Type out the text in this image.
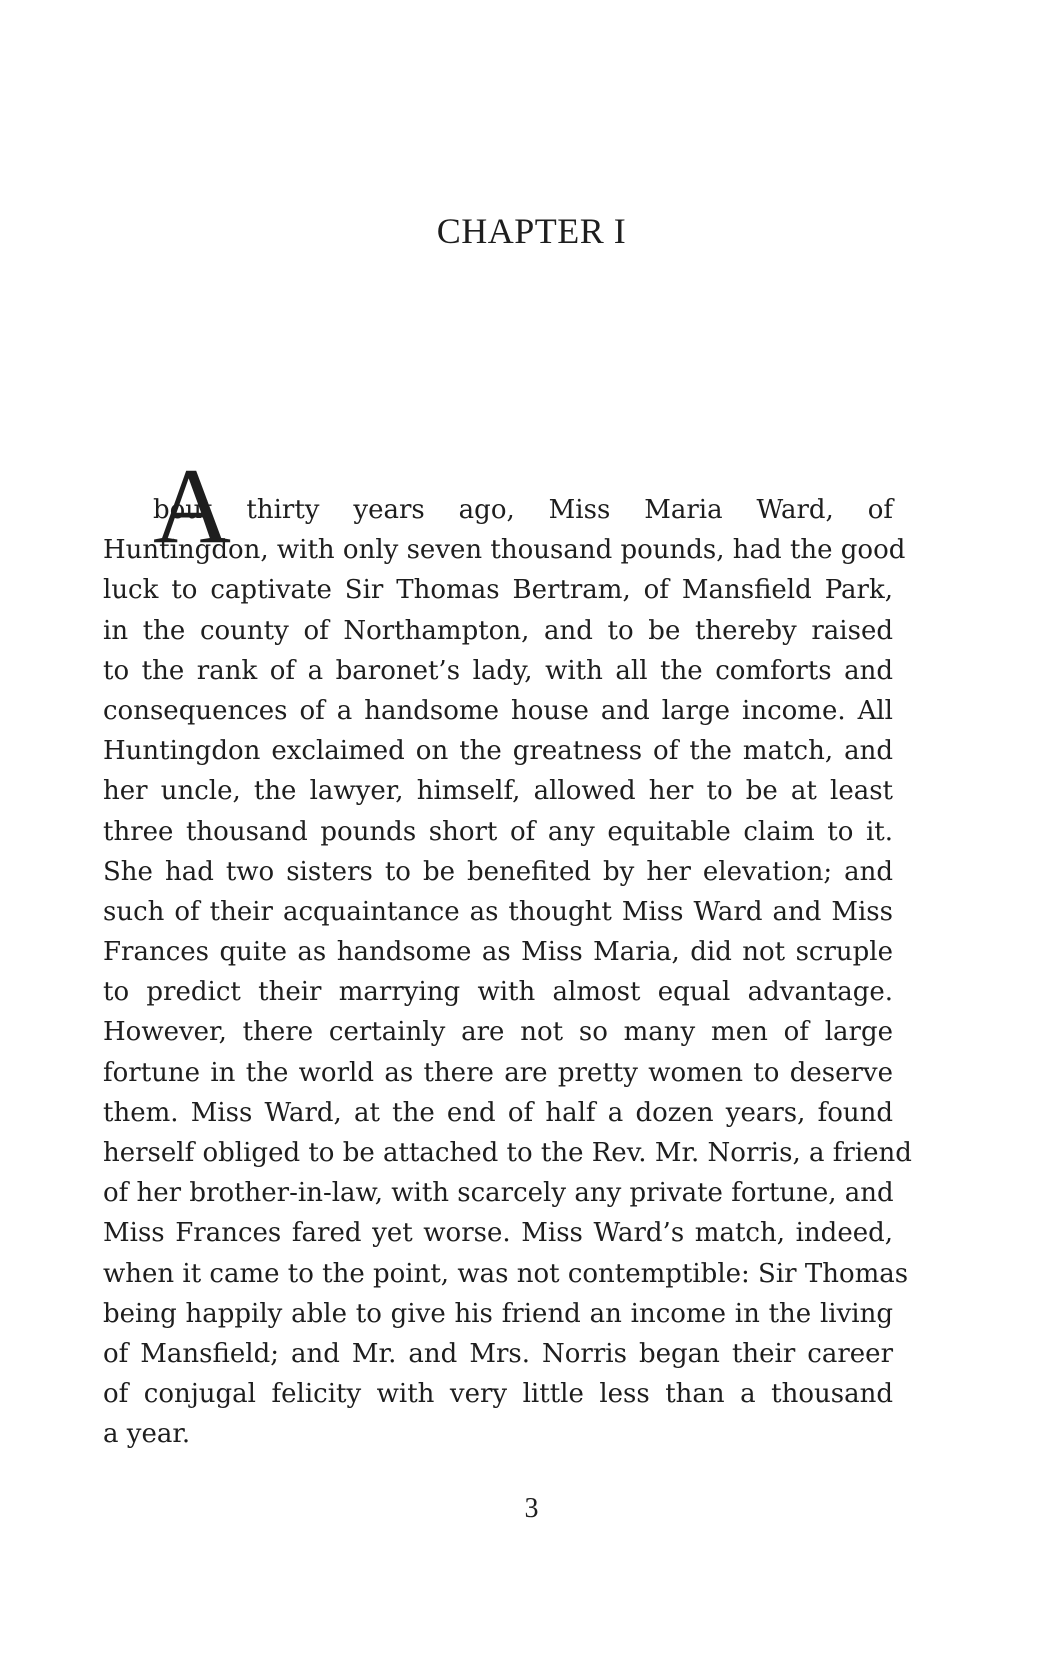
CHAPTER I
A
bout thirty years ago, Miss Maria Ward, of
Huntingdon, with only seven thousand pounds, had the good
luck to captivate Sir Thomas Bertram, of Mansfield Park,
in the county of Northampton, and to be thereby raised
to the rank of a baronet’s lady, with all the comforts and
consequences of a handsome house and large income. All
Huntingdon exclaimed on the greatness of the match, and
her uncle, the lawyer, himself, allowed her to be at least
three thousand pounds short of any equitable claim to it.
She had two sisters to be benefited by her elevation; and
such of their acquaintance as thought Miss Ward and Miss
Frances quite as handsome as Miss Maria, did not scruple
to predict their marrying with almost equal advantage.
However, there certainly are not so many men of large
fortune in the world as there are pretty women to deserve
them. Miss Ward, at the end of half a dozen years, found
herself obliged to be attached to the Rev. Mr. Norris, a friend
of her brother-in-law, with scarcely any private fortune, and
Miss Frances fared yet worse. Miss Ward’s match, indeed,
when it came to the point, was not contemptible: Sir Thomas
being happily able to give his friend an income in the living
of Mansfield; and Mr. and Mrs. Norris began their career
of conjugal felicity with very little less than a thousand
a year.
3
